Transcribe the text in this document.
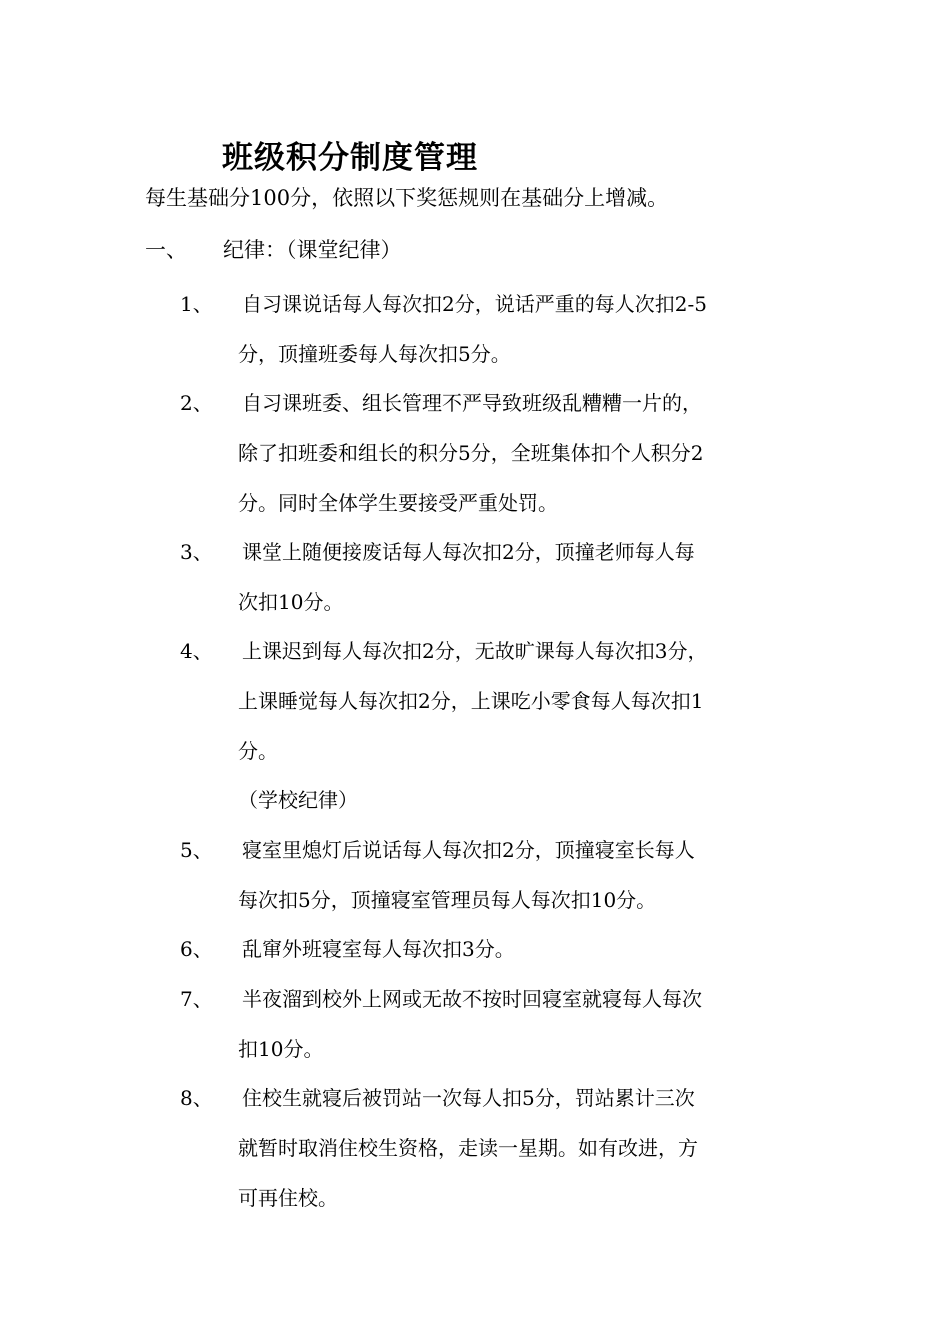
班级积分制度管理
每生基础分100分，依照以下奖惩规则在基础分上增减。
一、 纪律：（课堂纪律）
1、 自习课说话每人每次扣2分，说话严重的每人次扣2-5
分，顶撞班委每人每次扣5分。
2、 自习课班委、组长管理不严导致班级乱糟糟一片的，
除了扣班委和组长的积分5分，全班集体扣个人积分2
分。同时全体学生要接受严重处罚。
3、 课堂上随便接废话每人每次扣2分，顶撞老师每人每
次扣10分。
4、 上课迟到每人每次扣2分，无故旷课每人每次扣3分，
上课睡觉每人每次扣2分，上课吃小零食每人每次扣1
分。
（学校纪律）
5、 寝室里熄灯后说话每人每次扣2分，顶撞寝室长每人
每次扣5分，顶撞寝室管理员每人每次扣10分。
6、 乱窜外班寝室每人每次扣3分。
7、 半夜溜到校外上网或无故不按时回寝室就寝每人每次
扣10分。
8、 住校生就寝后被罚站一次每人扣5分，罚站累计三次
就暂时取消住校生资格，走读一星期。如有改进，方
可再住校。
